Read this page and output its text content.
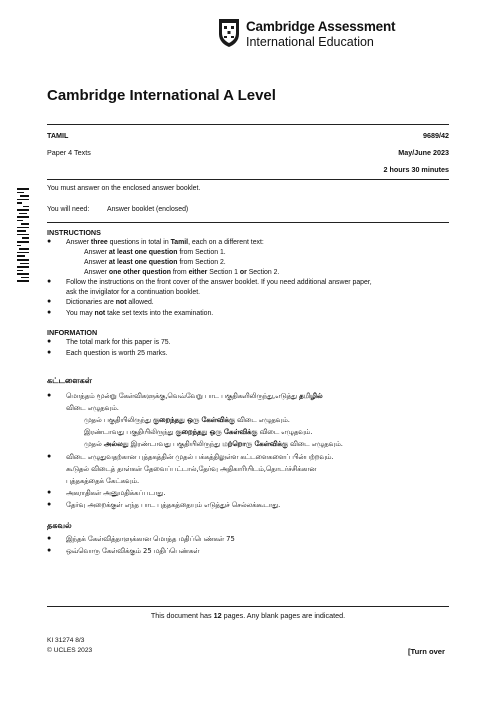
Cambridge Assessment
International Education
Cambridge International A Level
TAMIL	9689/42
Paper 4 Texts	May/June 2023
2 hours 30 minutes
You must answer on the enclosed answer booklet.
You will need:	Answer booklet (enclosed)
INSTRUCTIONS
● Answer three questions in total in Tamil, each on a different text:
Answer at least one question from Section 1.
Answer at least one question from Section 2.
Answer one other question from either Section 1 or Section 2.
● Follow the instructions on the front cover of the answer booklet. If you need additional answer paper,
ask the invigilator for a continuation booklet.
● Dictionaries are not allowed.
● You may not take set texts into the examination.
INFORMATION
● The total mark for this paper is 75.
● Each question is worth 25 marks.
கட்டளைகள்
● மொத்தம் மூன்று கேள்விகளுக்கு,வெவ்வேறு பாட பகுதிகளிலிருந்து,எடுத்து தமிழில்
விடை எழுதவும்.
முதல் பகுதியிலிருந்து குறைந்தது ஒரு கேள்விக்கு விடை எழுதவும்.
இரண்டாவது பகுதியிலிருந்து குறைந்தது ஒரு கேள்விக்கு விடை எழுதவும்.
முதல் அல்லது இரண்டாவது பகுதியிலிருந்து மற்றொரு கேள்விக்கு விடை எழுதவும்.
● விடை எழுதுவதற்கான புத்தகத்தின் முதல் பக்கத்திலுள்ள கட்டளைகளைப் பின்பற்றவும்.
கூடுதல் விடைத் தாள்கள் தேவைப்பட்டால்,தேர்வு அதிகாரியிடம்,தொடர்ச்சிக்கான
புத்தகத்தைக் கேட்கவும்.
● அகராதிகள் அனுமதிக்கப்படாது.
● தேர்வு அறைக்குள் எந்த பாட புத்தகத்தையும் எடுத்துச் செல்லக்கூடாது.
தகவல்
● இந்தக் கேள்வித்தாளுக்கான மொத்த மதிப்பெண்கள் 75
● ஒவ்வொரு கேள்விக்கும் 25 மதிப்பெண்கள்
This document has 12 pages. Any blank pages are indicated.
KI 31274 8/3
© UCLES 2023	[Turn over
